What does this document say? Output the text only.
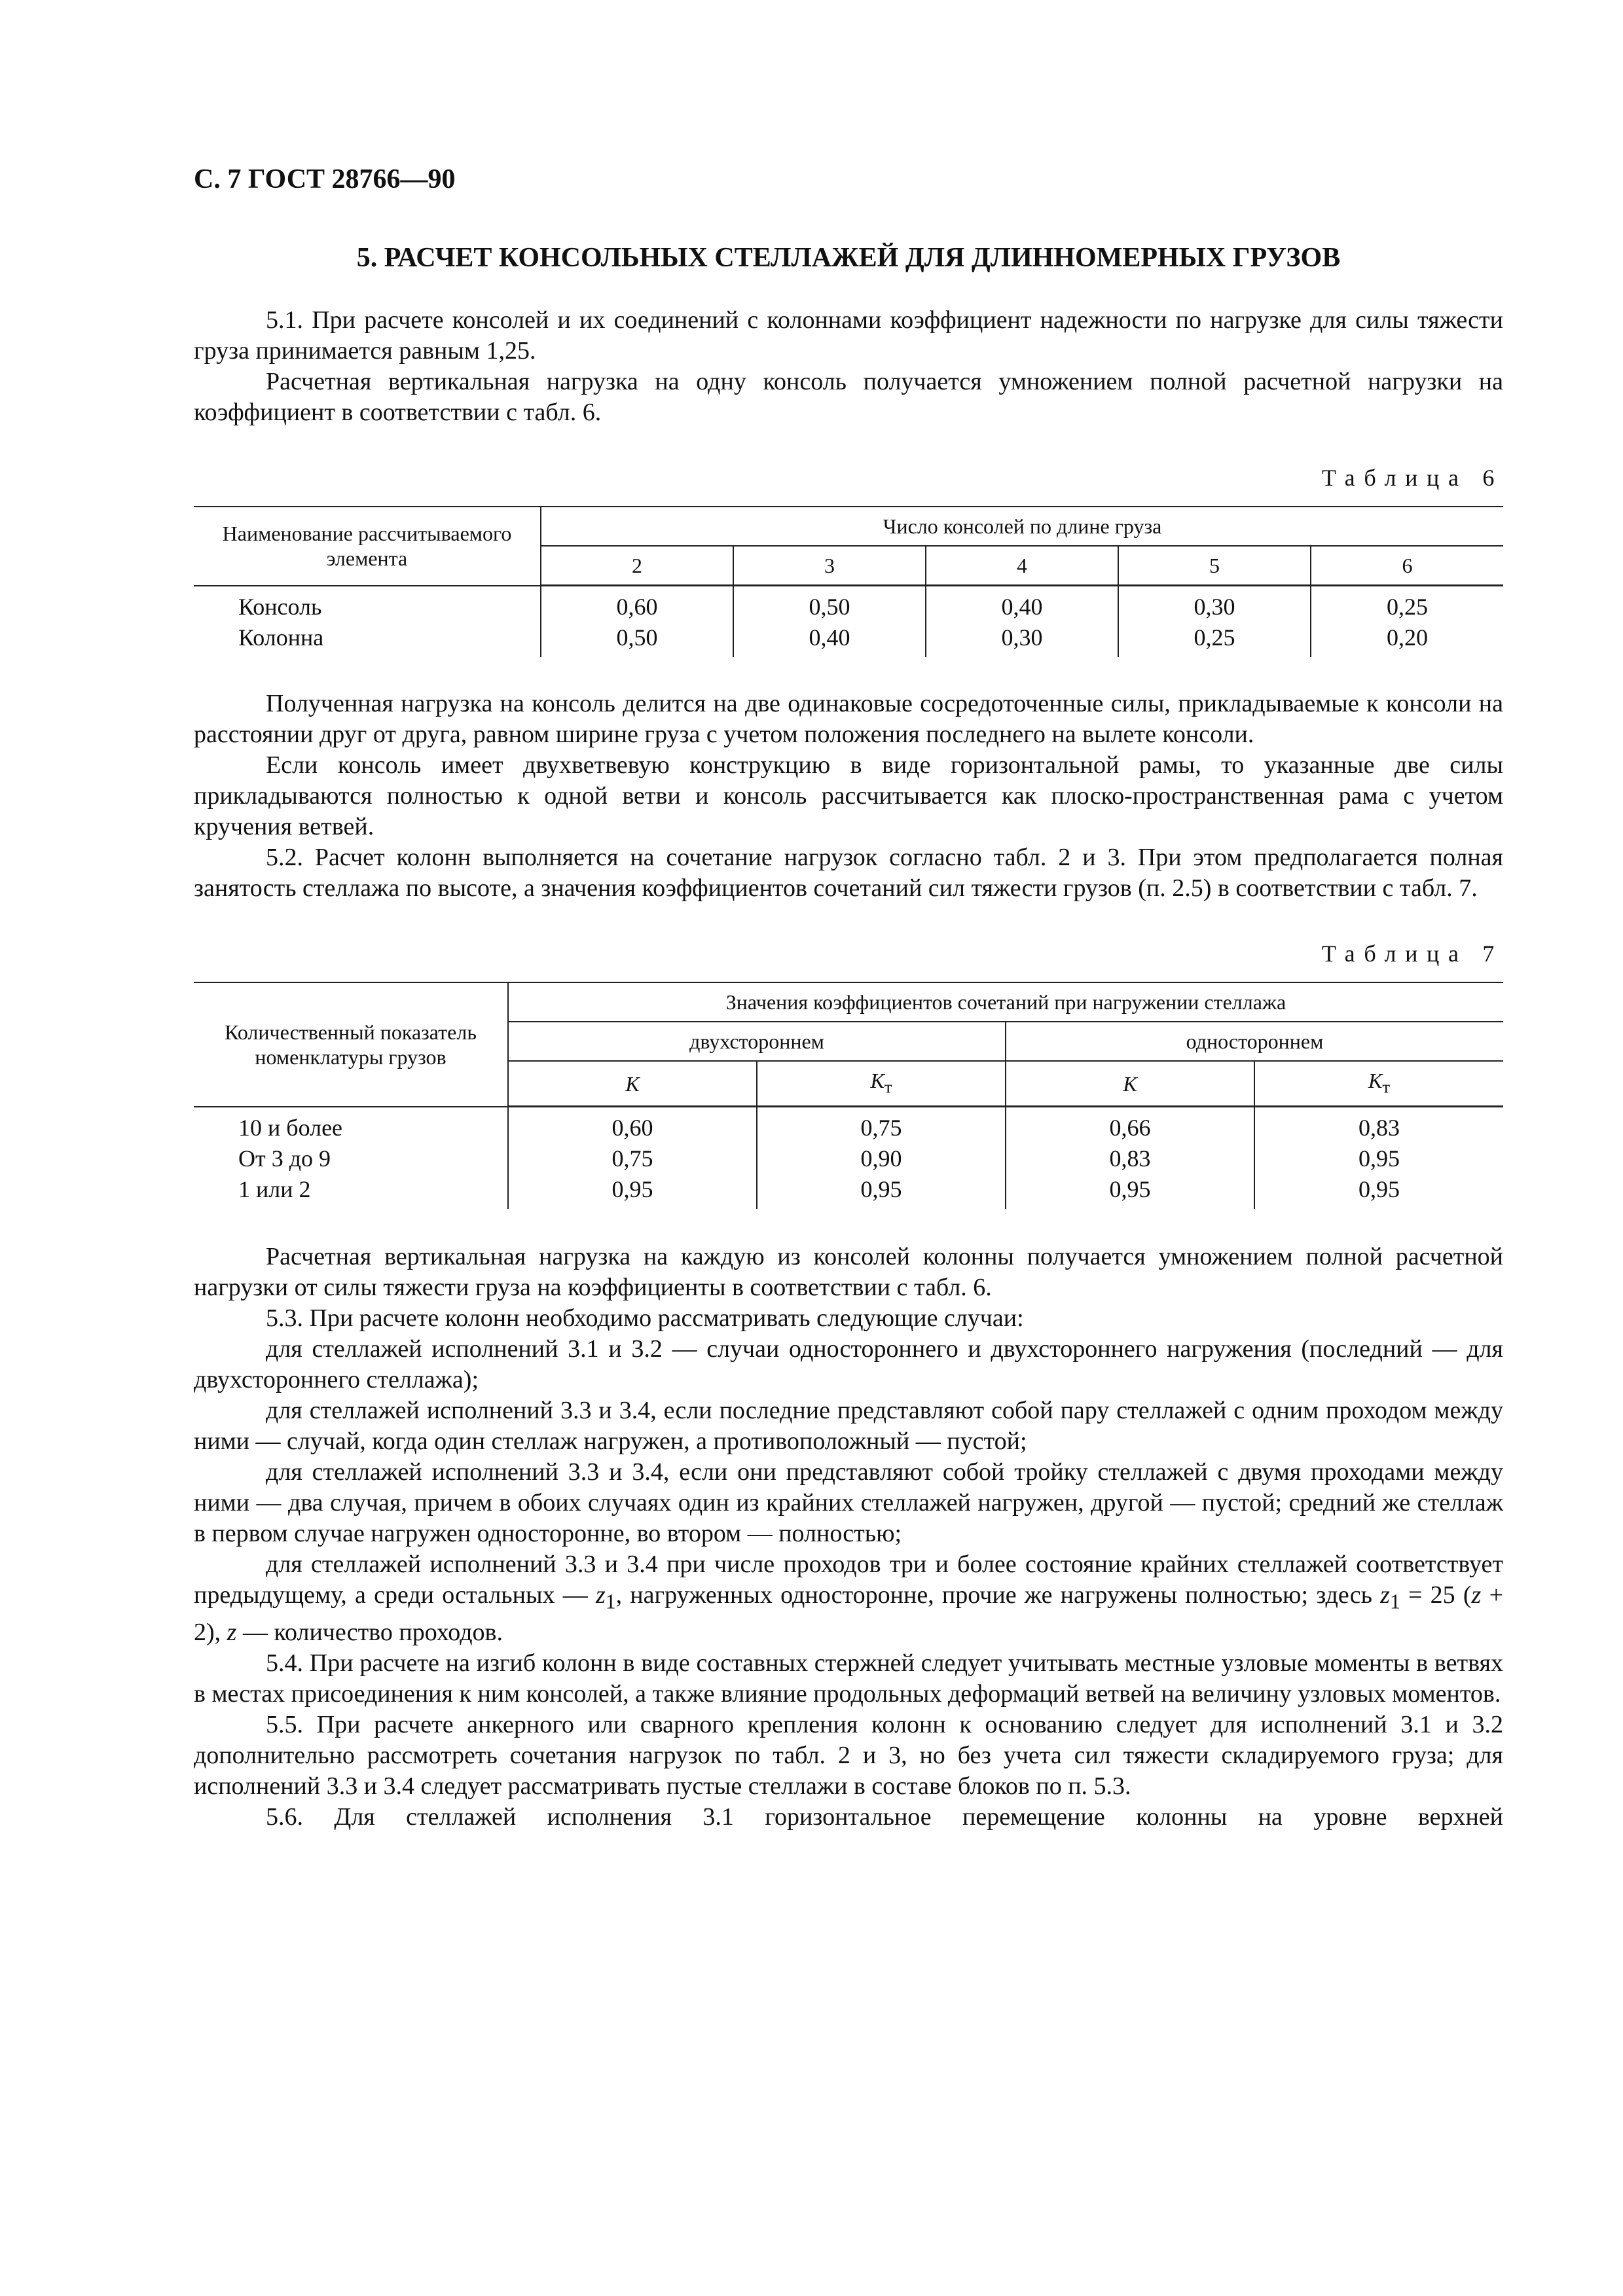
С. 7 ГОСТ 28766—90
5. РАСЧЕТ КОНСОЛЬНЫХ СТЕЛЛАЖЕЙ ДЛЯ ДЛИННОМЕРНЫХ ГРУЗОВ

5.1. При расчете консолей и их соединений с колоннами коэффициент надежности по нагрузке для силы тяжести груза принимается равным 1,25.

Расчетная вертикальная нагрузка на одну консоль получается умножением полной расчетной нагрузки на коэффициент в соответствии с табл. 6.

Таблица 6
Наименование рассчитываемого элемента	Число консолей по длине груза				
	2	3	4	5	6
Консоль	0,60	0,50	0,40	0,30	0,25
Колонна	0,50	0,40	0,30	0,25	0,20

Полученная нагрузка на консоль делится на две одинаковые сосредоточенные силы, прикладываемые к консоли на расстоянии друг от друга, равном ширине груза с учетом положения последнего на вылете консоли.

Если консоль имеет двухветвевую конструкцию в виде горизонтальной рамы, то указанные две силы прикладываются полностью к одной ветви и консоль рассчитывается как плоско-пространственная рама с учетом кручения ветвей.

5.2. Расчет колонн выполняется на сочетание нагрузок согласно табл. 2 и 3. При этом предполагается полная занятость стеллажа по высоте, а значения коэффициентов сочетаний сил тяжести грузов (п. 2.5) в соответствии с табл. 7.

Таблица 7
Количественный показатель номенклатуры грузов	Значения коэффициентов сочетаний при нагружении стеллажа			
	двухстороннем		одностороннем	
	K	$K_т$	K	$K_т$
10 и более	0,60	0,75	0,66	0,83
От 3 до 9	0,75	0,90	0,83	0,95
1 или 2	0,95	0,95	0,95	0,95

Расчетная вертикальная нагрузка на каждую из консолей колонны получается умножением полной расчетной нагрузки от силы тяжести груза на коэффициенты в соответствии с табл. 6.

5.3. При расчете колонн необходимо рассматривать следующие случаи:

для стеллажей исполнений 3.1 и 3.2 — случаи одностороннего и двухстороннего нагружения (последний — для двухстороннего стеллажа);

для стеллажей исполнений 3.3 и 3.4, если последние представляют собой пару стеллажей с одним проходом между ними — случай, когда один стеллаж нагружен, а противоположный — пустой;

для стеллажей исполнений 3.3 и 3.4, если они представляют собой тройку стеллажей с двумя проходами между ними — два случая, причем в обоих случаях один из крайних стеллажей нагружен, другой — пустой; средний же стеллаж в первом случае нагружен односторонне, во втором — полностью;

для стеллажей исполнений 3.3 и 3.4 при числе проходов три и более состояние крайних стеллажей соответствует предыдущему, а среди остальных — $z_1$, нагруженных односторонне, прочие же нагружены полностью; здесь $z_1 = 25$ (z + 2), z — количество проходов.

5.4. При расчете на изгиб колонн в виде составных стержней следует учитывать местные узловые моменты в ветвях в местах присоединения к ним консолей, а также влияние продольных деформаций ветвей на величину узловых моментов.

5.5. При расчете анкерного или сварного крепления колонн к основанию следует для исполнений 3.1 и 3.2 дополнительно рассмотреть сочетания нагрузок по табл. 2 и 3, но без учета сил тяжести складируемого груза; для исполнений 3.3 и 3.4 следует рассматривать пустые стеллажи в составе блоков по п. 5.3.

5.6. Для стеллажей исполнения 3.1 горизонтальное перемещение колонны на уровне верхней
